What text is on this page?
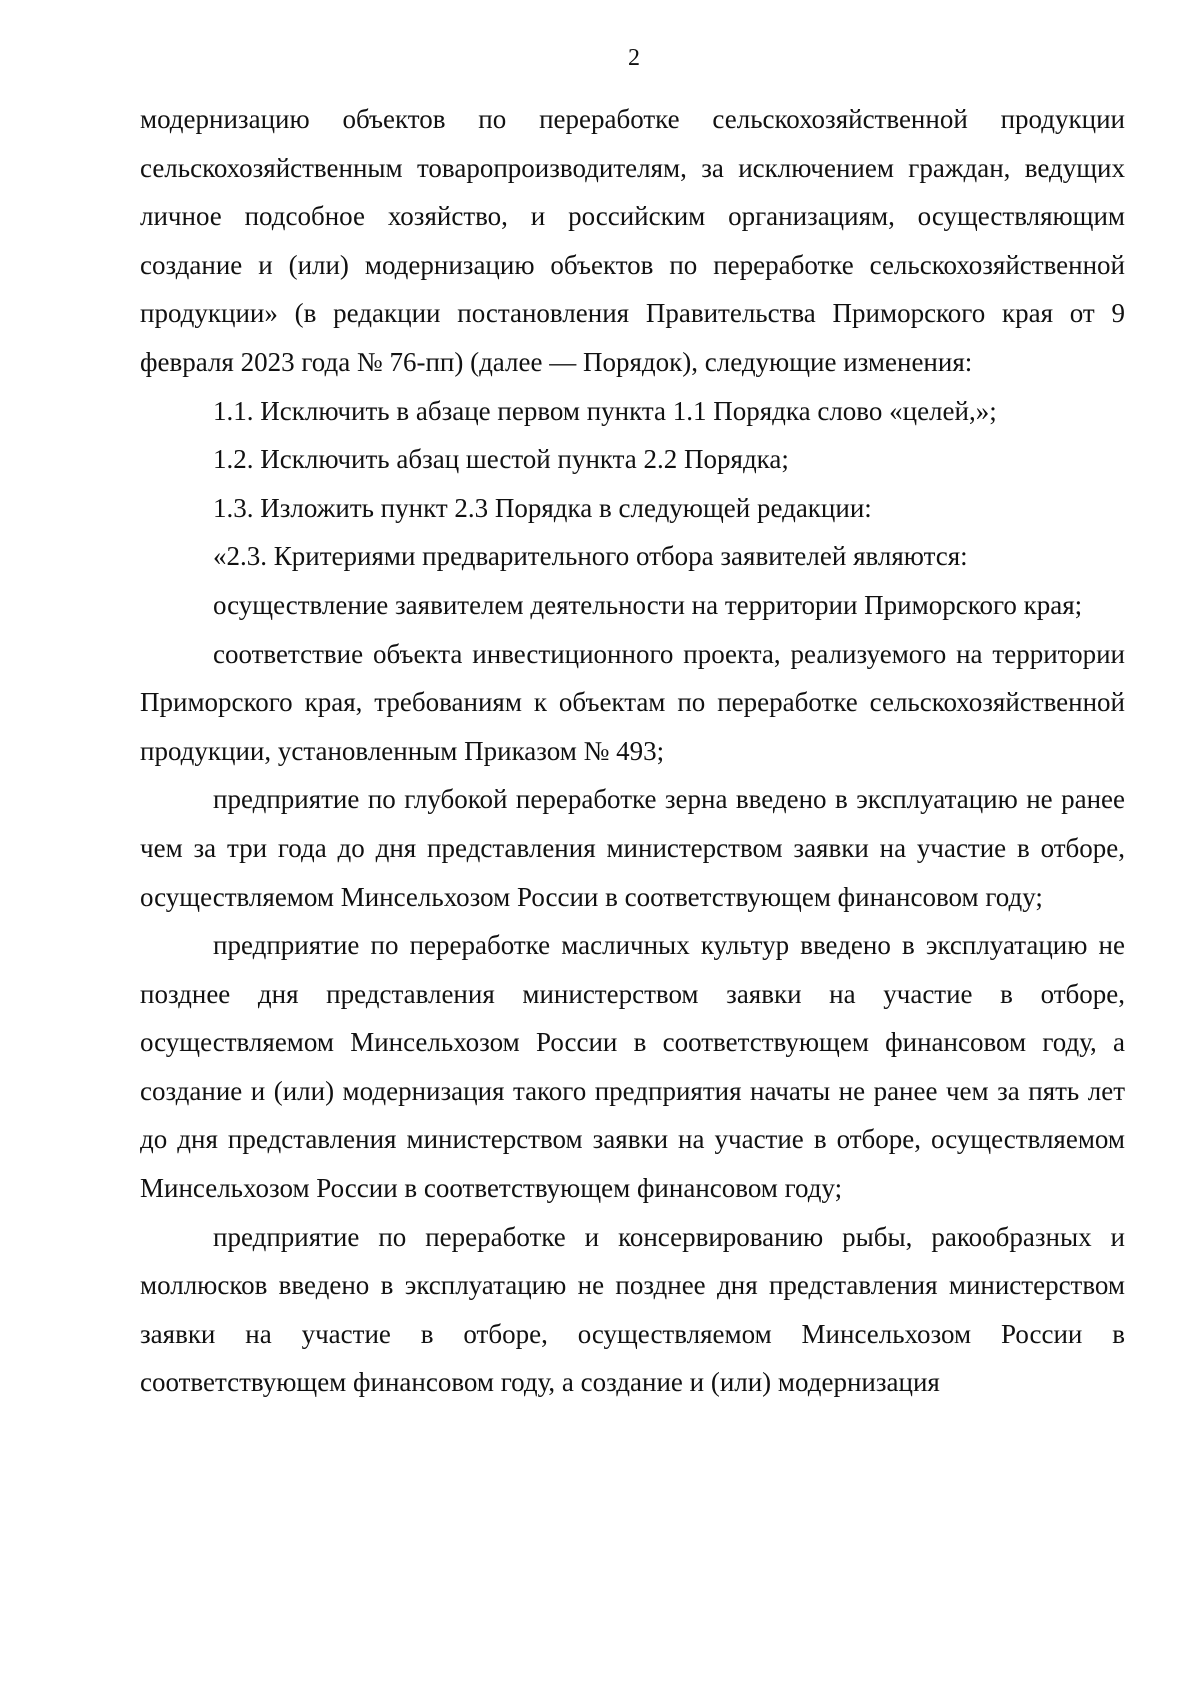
2

модернизацию объектов по переработке сельскохозяйственной продукции сельскохозяйственным товаропроизводителям, за исключением граждан, ведущих личное подсобное хозяйство, и российским организациям, осуществляющим создание и (или) модернизацию объектов по переработке сельскохозяйственной продукции» (в редакции постановления Правительства Приморского края от 9 февраля 2023 года № 76-пп) (далее — Порядок), следующие изменения:

1.1. Исключить в абзаце первом пункта 1.1 Порядка слово «целей,»;

1.2. Исключить абзац шестой пункта 2.2 Порядка;

1.3. Изложить пункт 2.3 Порядка в следующей редакции:

«2.3. Критериями предварительного отбора заявителей являются:

осуществление заявителем деятельности на территории Приморского края;

соответствие объекта инвестиционного проекта, реализуемого на территории Приморского края, требованиям к объектам по переработке сельскохозяйственной продукции, установленным Приказом № 493;

предприятие по глубокой переработке зерна введено в эксплуатацию не ранее чем за три года до дня представления министерством заявки на участие в отборе, осуществляемом Минсельхозом России в соответствующем финансовом году;

предприятие по переработке масличных культур введено в эксплуатацию не позднее дня представления министерством заявки на участие в отборе, осуществляемом Минсельхозом России в соответствующем финансовом году, а создание и (или) модернизация такого предприятия начаты не ранее чем за пять лет до дня представления министерством заявки на участие в отборе, осуществляемом Минсельхозом России в соответствующем финансовом году;

предприятие по переработке и консервированию рыбы, ракообразных и моллюсков введено в эксплуатацию не позднее дня представления министерством заявки на участие в отборе, осуществляемом Минсельхозом России в соответствующем финансовом году, а создание и (или) модернизация
